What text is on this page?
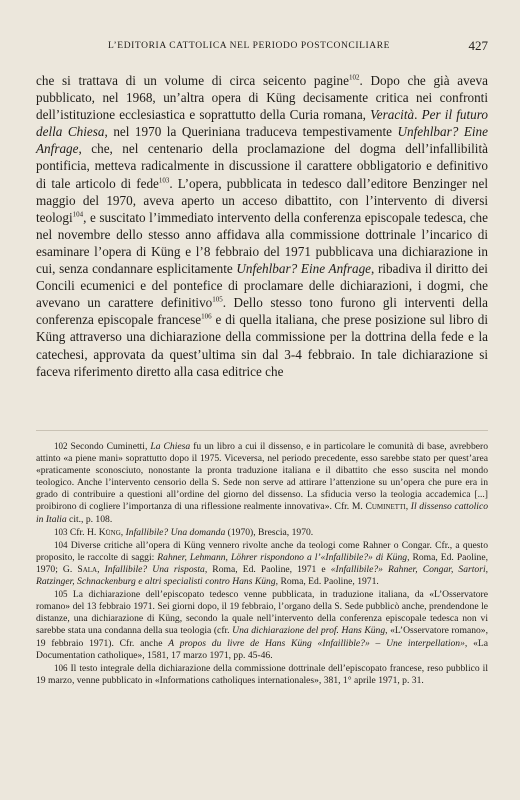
L’EDITORIA CATTOLICA NEL PERIODO POSTCONCILIARE	427

che si trattava di un volume di circa seicento pagine$^{102}$. Dopo che già aveva pubblicato, nel 1968, un’altra opera di Küng decisamente critica nei confronti dell’istituzione ecclesiastica e soprattutto della Curia romana, Veracità. Per il futuro della Chiesa, nel 1970 la Queriniana traduceva tempestivamente Unfehlbar? Eine Anfrage, che, nel centenario della proclamazione del dogma dell’infallibilità pontificia, metteva radicalmente in discussione il carattere obbligatorio e definitivo di tale articolo di fede$^{103}$. L’opera, pubblicata in tedesco dall’editore Benzinger nel maggio del 1970, aveva aperto un acceso dibattito, con l’intervento di diversi teologi$^{104}$, e suscitato l’immediato intervento della conferenza episcopale tedesca, che nel novembre dello stesso anno affidava alla commissione dottrinale l’incarico di esaminare l’opera di Küng e l’8 febbraio del 1971 pubblicava una dichiarazione in cui, senza condannare esplicitamente Unfehlbar? Eine Anfrage, ribadiva il diritto dei Concili ecumenici e del pontefice di proclamare delle dichiarazioni, i dogmi, che avevano un carattere definitivo$^{105}$. Dello stesso tono furono gli interventi della conferenza episcopale francese$^{106}$ e di quella italiana, che prese posizione sul libro di Küng attraverso una dichiarazione della commissione per la dottrina della fede e la catechesi, approvata da quest’ultima sin dal 3-4 febbraio. In tale dichiarazione si faceva riferimento diretto alla casa editrice che

102 Secondo Cuminetti, La Chiesa fu un libro a cui il dissenso, e in particolare le comunità di base, avrebbero attinto «a piene mani» soprattutto dopo il 1975. Viceversa, nel periodo precedente, esso sarebbe stato per quest’area «praticamente sconosciuto, nonostante la pronta traduzione italiana e il dibattito che esso suscita nel mondo teologico. Anche l’intervento censorio della S. Sede non serve ad attirare l’attenzione su un’opera che pure era in grado di contribuire a questioni all’ordine del giorno del dissenso. La sfiducia verso la teologia accademica [...] proibirono di cogliere l’importanza di una riflessione realmente innovativa». Cfr. M. Cuminetti, Il dissenso cattolico in Italia cit., p. 108.

103 Cfr. H. Küng, Infallibile? Una domanda (1970), Brescia, 1970.

104 Diverse critiche all’opera di Küng vennero rivolte anche da teologi come Rahner o Congar. Cfr., a questo proposito, le raccolte di saggi: Rahner, Lehmann, Löhrer rispondono a l’«Infallibile?» di Küng, Roma, Ed. Paoline, 1970; G. Sala, Infallibile? Una risposta, Roma, Ed. Paoline, 1971 e «Infallibile?» Rahner, Congar, Sartori, Ratzinger, Schnackenburg e altri specialisti contro Hans Küng, Roma, Ed. Paoline, 1971.

105 La dichiarazione dell’episcopato tedesco venne pubblicata, in traduzione italiana, da «L’Osservatore romano» del 13 febbraio 1971. Sei giorni dopo, il 19 febbraio, l’organo della S. Sede pubblicò anche, prendendone le distanze, una dichiarazione di Küng, secondo la quale nell’intervento della conferenza episcopale tedesca non vi sarebbe stata una condanna della sua teologia (cfr. Una dichiarazione del prof. Hans Küng, «L’Osservatore romano», 19 febbraio 1971). Cfr. anche A propos du livre de Hans Küng «Infaillible?» – Une interpellation», «La Documentation catholique», 1581, 17 marzo 1971, pp. 45-46.

106 Il testo integrale della dichiarazione della commissione dottrinale dell’episcopato francese, reso pubblico il 19 marzo, venne pubblicato in «Informations catholiques internationales», 381, 1° aprile 1971, p. 31.
